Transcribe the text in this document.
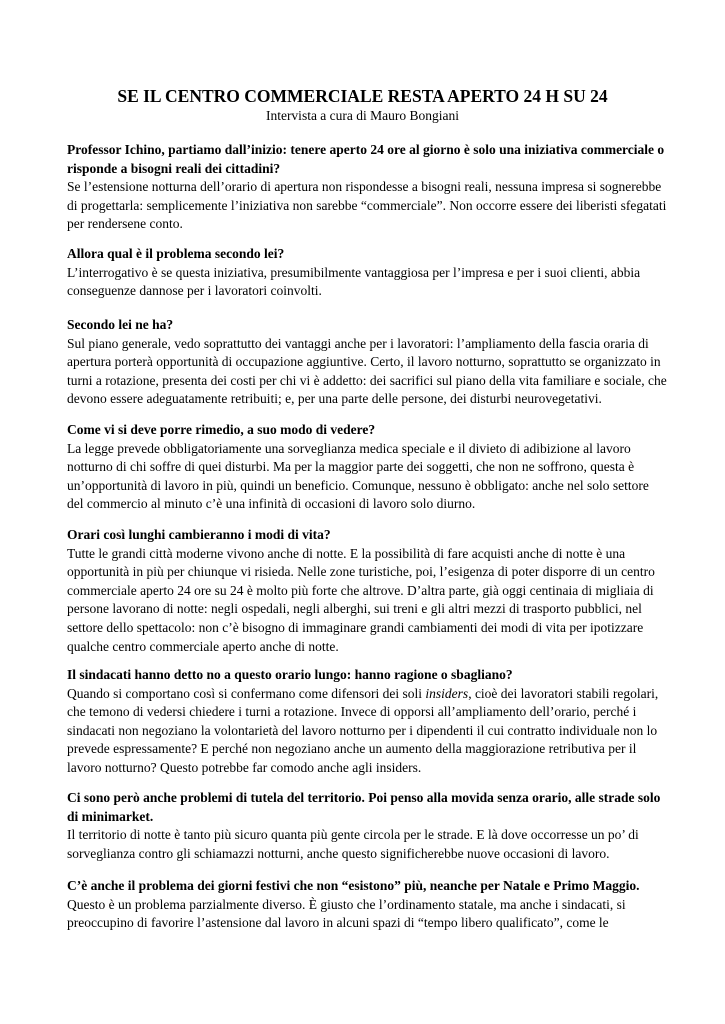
SE IL CENTRO COMMERCIALE RESTA APERTO 24 H SU 24

Intervista a cura di Mauro Bongiani

Professor Ichino, partiamo dall’inizio: tenere aperto 24 ore al giorno è solo una iniziativa commerciale o risponde a bisogni reali dei cittadini?

Se l’estensione notturna dell’orario di apertura non rispondesse a bisogni reali, nessuna impresa si sognerebbe di progettarla: semplicemente l’iniziativa non sarebbe “commerciale”. Non occorre essere dei liberisti sfegatati per rendersene conto.

Allora qual è il problema secondo lei?

L’interrogativo è se questa iniziativa, presumibilmente vantaggiosa per l’impresa e per i suoi clienti, abbia conseguenze dannose per i lavoratori coinvolti.

Secondo lei ne ha?

Sul piano generale, vedo soprattutto dei vantaggi anche per i lavoratori: l’ampliamento della fascia oraria di apertura porterà opportunità di occupazione aggiuntive. Certo, il lavoro notturno, soprattutto se organizzato in turni a rotazione, presenta dei costi per chi vi è addetto: dei sacrifici sul piano della vita familiare e sociale, che devono essere adeguatamente retribuiti; e, per una parte delle persone, dei disturbi neurovegetativi.

Come vi si deve porre rimedio, a suo modo di vedere?

La legge prevede obbligatoriamente una sorveglianza medica speciale e il divieto di adibizione al lavoro notturno di chi soffre di quei disturbi. Ma per la maggior parte dei soggetti, che non ne soffrono, questa è un’opportunità di lavoro in più, quindi un beneficio. Comunque, nessuno è obbligato: anche nel solo settore del commercio al minuto c’è una infinità di occasioni di lavoro solo diurno.

Orari così lunghi cambieranno i modi di vita?

Tutte le grandi città moderne vivono anche di notte. E la possibilità di fare acquisti anche di notte è una opportunità in più per chiunque vi risieda. Nelle zone turistiche, poi, l’esigenza di poter disporre di un centro commerciale aperto 24 ore su 24 è molto più forte che altrove. D’altra parte, già oggi centinaia di migliaia di persone lavorano di notte: negli ospedali, negli alberghi, sui treni e gli altri mezzi di trasporto pubblici, nel settore dello spettacolo: non c’è bisogno di immaginare grandi cambiamenti dei modi di vita per ipotizzare qualche centro commerciale aperto anche di notte.

Il sindacati hanno detto no a questo orario lungo: hanno ragione o sbagliano?

Quando si comportano così si confermano come difensori dei soli insiders, cioè dei lavoratori stabili regolari, che temono di vedersi chiedere i turni a rotazione. Invece di opporsi all’ampliamento dell’orario, perché i sindacati non negoziano la volontarietà del lavoro notturno per i dipendenti il cui contratto individuale non lo prevede espressamente? E perché non negoziano anche un aumento della maggiorazione retributiva per il lavoro notturno? Questo potrebbe far comodo anche agli insiders.

Ci sono però anche problemi di tutela del territorio. Poi penso alla movida senza orario, alle strade solo di minimarket.

Il territorio di notte è tanto più sicuro quanta più gente circola per le strade. E là dove occorresse un po’ di sorveglianza contro gli schiamazzi notturni, anche questo significherebbe nuove occasioni di lavoro.

C’è anche il problema dei giorni festivi che non “esistono” più, neanche per Natale e Primo Maggio.

Questo è un problema parzialmente diverso. È giusto che l’ordinamento statale, ma anche i sindacati, si preoccupino di favorire l’astensione dal lavoro in alcuni spazi di “tempo libero qualificato”, come le
